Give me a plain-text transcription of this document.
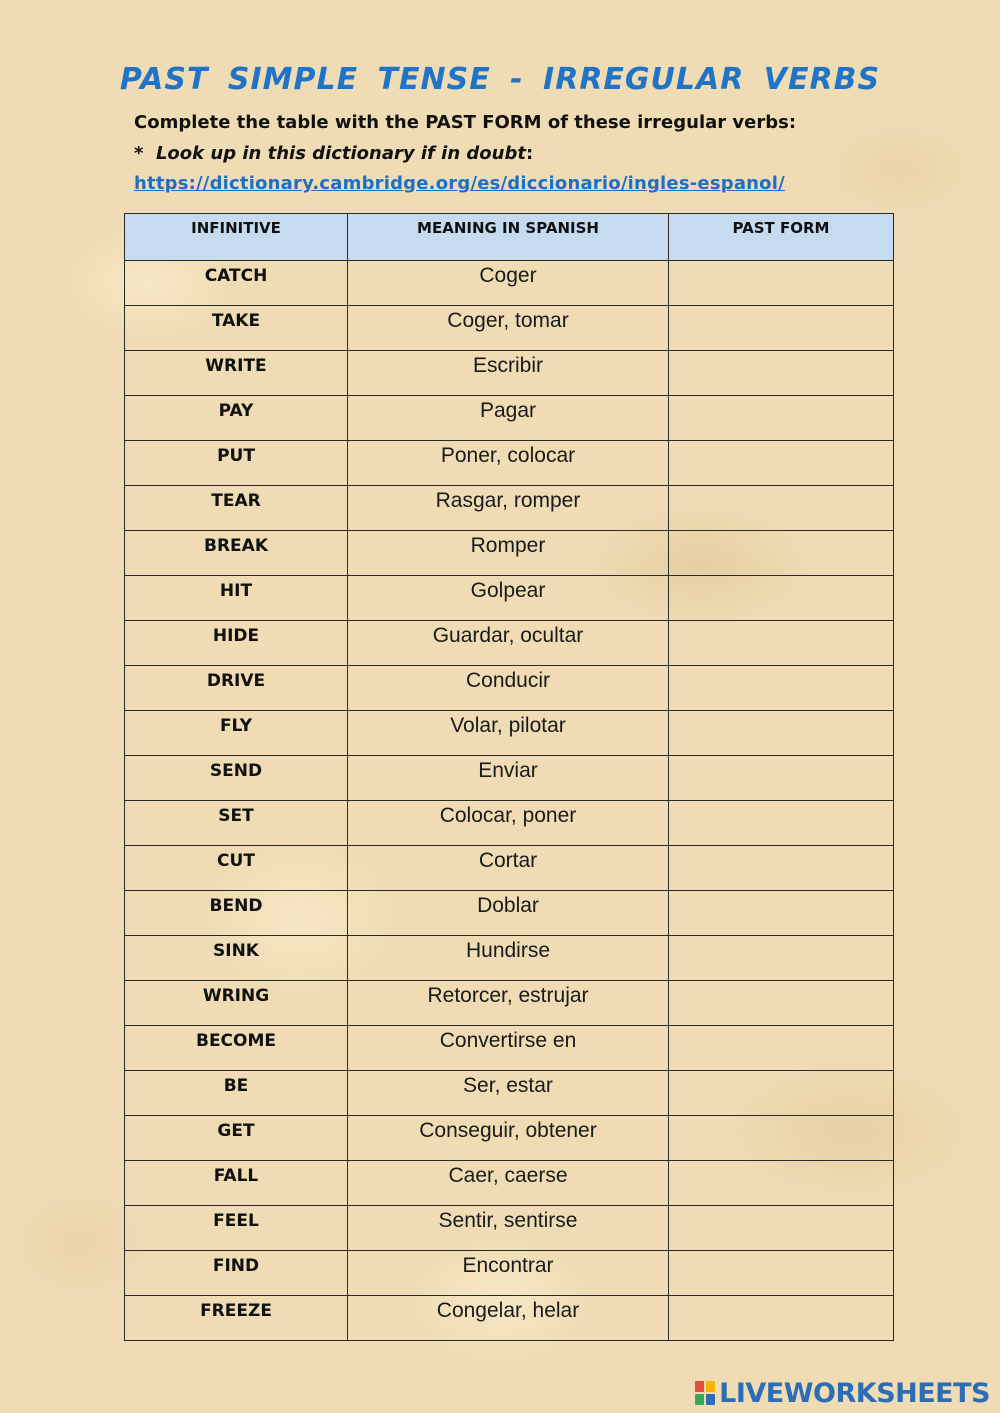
PAST SIMPLE TENSE - IRREGULAR VERBS

Complete the table with the PAST FORM of these irregular verbs:

*  Look up in this dictionary if in doubt:

https://dictionary.cambridge.org/es/diccionario/ingles-espanol/
INFINITIVE	MEANING IN SPANISH	PAST FORM
CATCH	Coger	
TAKE	Coger, tomar	
WRITE	Escribir	
PAY	Pagar	
PUT	Poner, colocar	
TEAR	Rasgar, romper	
BREAK	Romper	
HIT	Golpear	
HIDE	Guardar, ocultar	
DRIVE	Conducir	
FLY	Volar, pilotar	
SEND	Enviar	
SET	Colocar, poner	
CUT	Cortar	
BEND	Doblar	
SINK	Hundirse	
WRING	Retorcer, estrujar	
BECOME	Convertirse en	
BE	Ser, estar	
GET	Conseguir, obtener	
FALL	Caer, caerse	
FEEL	Sentir, sentirse	
FIND	Encontrar	
FREEZE	Congelar, helar	
LIVEWORKSHEETS
